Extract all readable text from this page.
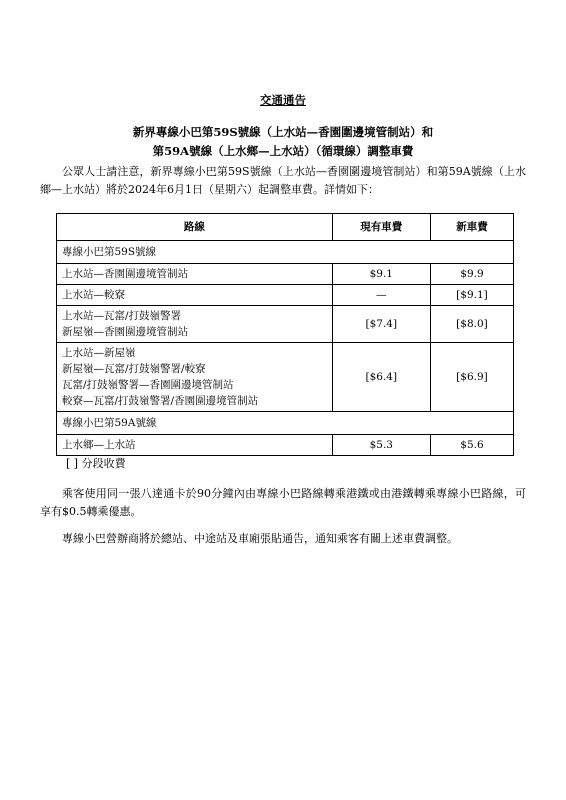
交通通告
新界專線小巴第59S號線（上水站—香園圍邊境管制站）和
第59A號線（上水鄉—上水站）（循環線）調整車費
公眾人士請注意，新界專線小巴第59S號線（上水站—香園圍邊境管制站）和第59A號線（上水鄉—上水站）將於2024年6月1日（星期六）起調整車費。詳情如下：
路線	現有車費	新車費
專線小巴第59S號線		

上水站—香園圍邊境管制站	$9.1	$9.9

上水站—較寮	—	[$9.1]

上水站—瓦窰/打鼓嶺警署
新屋嶺—香園圍邊境管制站	[$7.4]	[$8.0]

上水站—新屋嶺
新屋嶺—瓦窰/打鼓嶺警署/較寮
瓦窰/打鼓嶺警署—香園圍邊境管制站
較寮—瓦窰/打鼓嶺警署/香園圍邊境管制站	[$6.4]	[$6.9]
專線小巴第59A號線		

上水鄉—上水站	$5.3	$5.6
[ ] 分段收費
乘客使用同一張八達通卡於90分鐘內由專線小巴路線轉乘港鐵或由港鐵轉乘專線小巴路線，可享有$0.5轉乘優惠。
專線小巴營辦商將於總站、中途站及車廂張貼通告，通知乘客有關上述車費調整。
